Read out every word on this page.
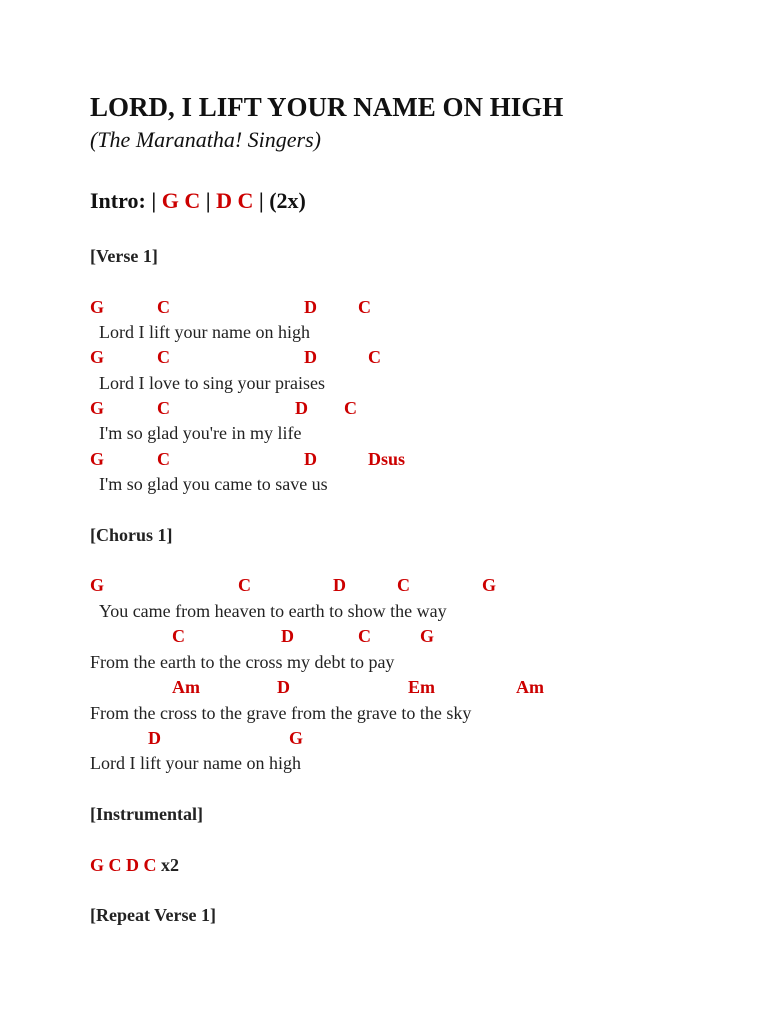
LORD, I LIFT YOUR NAME ON HIGH
(The Maranatha! Singers)
Intro: | G C | D C | (2x)
[Verse 1]
G	C	D C
Lord I lift your name on high
G	C	D	C
Lord I love to sing your praises
G	C	D C
I'm so glad you're in my life
G	C	D	Dsus
I'm so glad you came to save us
[Chorus 1]
G	C	D	C	G
You came from heaven to earth to show the way
C	D	C	G
From the earth to the cross my debt to pay
Am	D	Em	Am
From the cross to the grave from the grave to the sky
D	G
Lord I lift your name on high
[Instrumental]
G C D C x2
[Repeat Verse 1]
